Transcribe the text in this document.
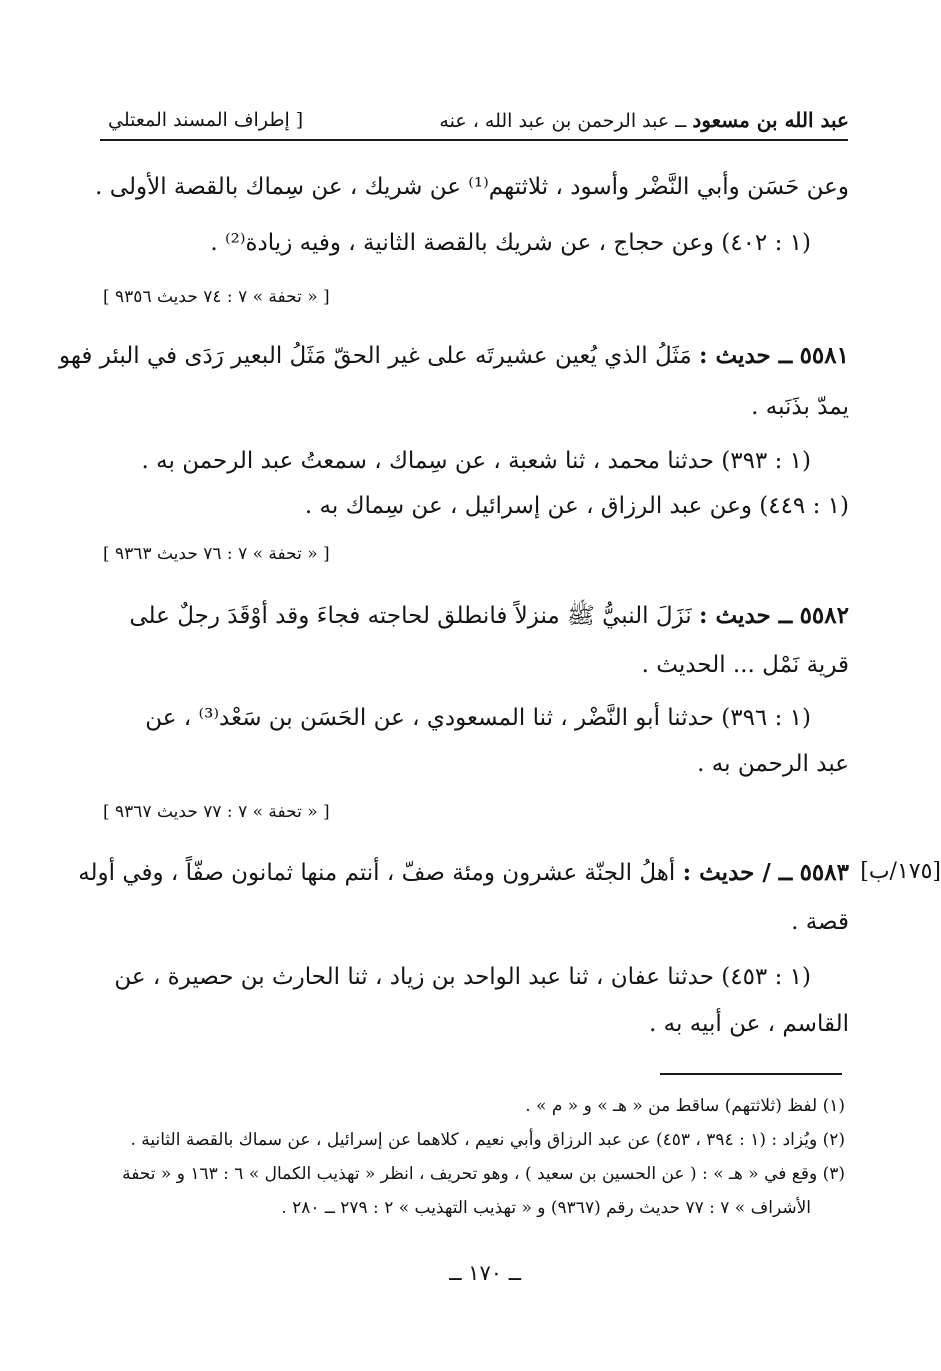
عبد الله بن مسعود ــ عبد الرحمن بن عبد الله ، عنه
[ إطراف المسند المعتلي
وعن حَسَن وأبي النَّضْر وأسود ، ثلاثتهم⁽¹⁾ عن شريك ، عن سِماك بالقصة الأولى .
(١ : ٤٠٢) وعن حجاج ، عن شريك بالقصة الثانية ، وفيه زيادة⁽²⁾ .
[ « تحفة » ٧ : ٧٤ حديث ٩٣٥٦ ]
٥٥٨١ ــ حديث : مَثَلُ الذي يُعين عشيرتَه على غير الحقّ مَثَلُ البعير رَدَى في البئر فهو
يمدّ بذَنَبه .
(١ : ٣٩٣) حدثنا محمد ، ثنا شعبة ، عن سِماك ، سمعتُ عبد الرحمن به .
(١ : ٤٤٩) وعن عبد الرزاق ، عن إسرائيل ، عن سِماك به .
[ « تحفة » ٧ : ٧٦ حديث ٩٣٦٣ ]
٥٥٨٢ ــ حديث : نَزَلَ النبيُّ ﷺ منزلاً فانطلق لحاجته فجاءَ وقد أوْقَدَ رجلٌ على
قرية نَمْل ... الحديث .
(١ : ٣٩٦) حدثنا أبو النَّضْر ، ثنا المسعودي ، عن الحَسَن بن سَعْد⁽³⁾ ، عن
عبد الرحمن به .
[ « تحفة » ٧ : ٧٧ حديث ٩٣٦٧ ]
[١٧٥/ب]
٥٥٨٣ ــ / حديث : أهلُ الجنّة عشرون ومئة صفّ ، أنتم منها ثمانون صفّاً ، وفي أوله
قصة .
(١ : ٤٥٣) حدثنا عفان ، ثنا عبد الواحد بن زياد ، ثنا الحارث بن حصيرة ، عن
القاسم ، عن أبيه به .
(١) لفظ (ثلاثتهم) ساقط من « هـ » و « م » .
(٢) ويُزاد : (١ : ٣٩٤ ، ٤٥٣) عن عبد الرزاق وأبي نعيم ، كلاهما عن إسرائيل ، عن سماك بالقصة الثانية .
(٣) وقع في « هـ » : ( عن الحسين بن سعيد ) ، وهو تحريف ، انظر « تهذيب الكمال » ٦ : ١٦٣ و « تحفة
الأشراف » ٧ : ٧٧ حديث رقم (٩٣٦٧) و « تهذيب التهذيب » ٢ : ٢٧٩ ــ ٢٨٠ .
ــ ١٧٠ ــ
